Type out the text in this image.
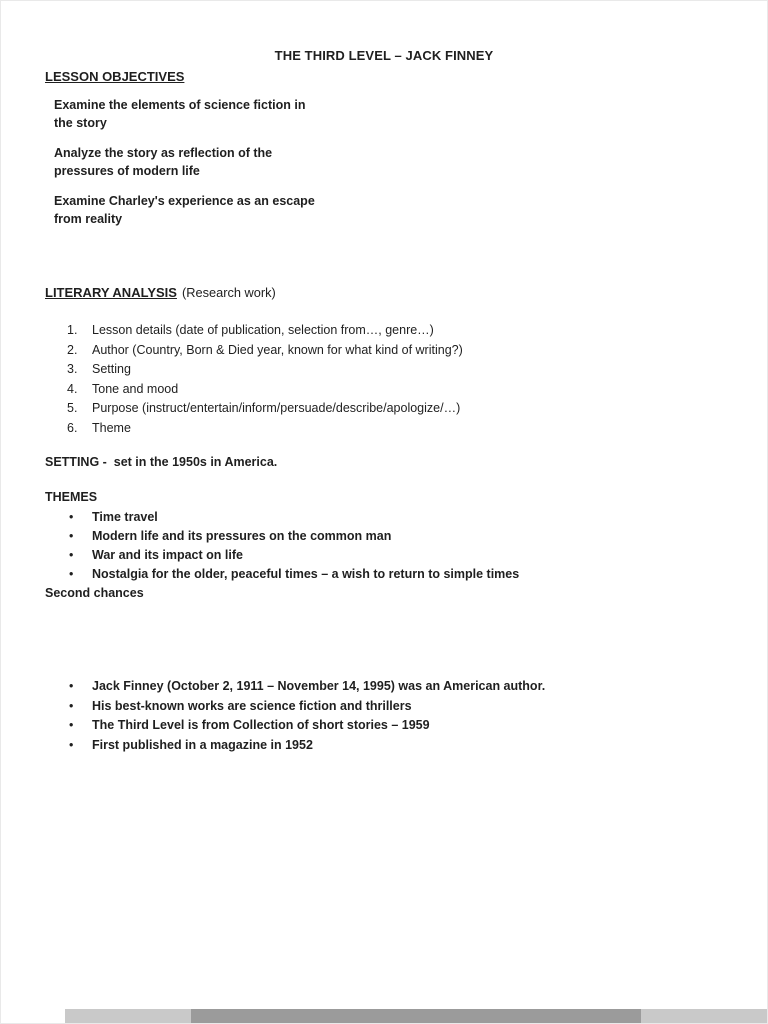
THE THIRD LEVEL – JACK FINNEY
LESSON OBJECTIVES

Examine the elements of science fiction in the story

Analyze the story as reflection of the pressures of modern life

Examine Charley's experience as an escape from reality

LITERARY ANALYSIS (Research work)
1. Lesson details (date of publication, selection from…, genre…)
2. Author (Country, Born & Died year, known for what kind of writing?)
3. Setting
4. Tone and mood
5. Purpose (instruct/entertain/inform/persuade/describe/apologize/…)
6. Theme
SETTING -  set in the 1950s in America.
THEMES
• Time travel
• Modern life and its pressures on the common man
• War and its impact on life
• Nostalgia for the older, peaceful times – a wish to return to simple times
Second chances
• Jack Finney (October 2, 1911 – November 14, 1995) was an American author.
• His best-known works are science fiction and thrillers
• The Third Level is from Collection of short stories – 1959
• First published in a magazine in 1952
